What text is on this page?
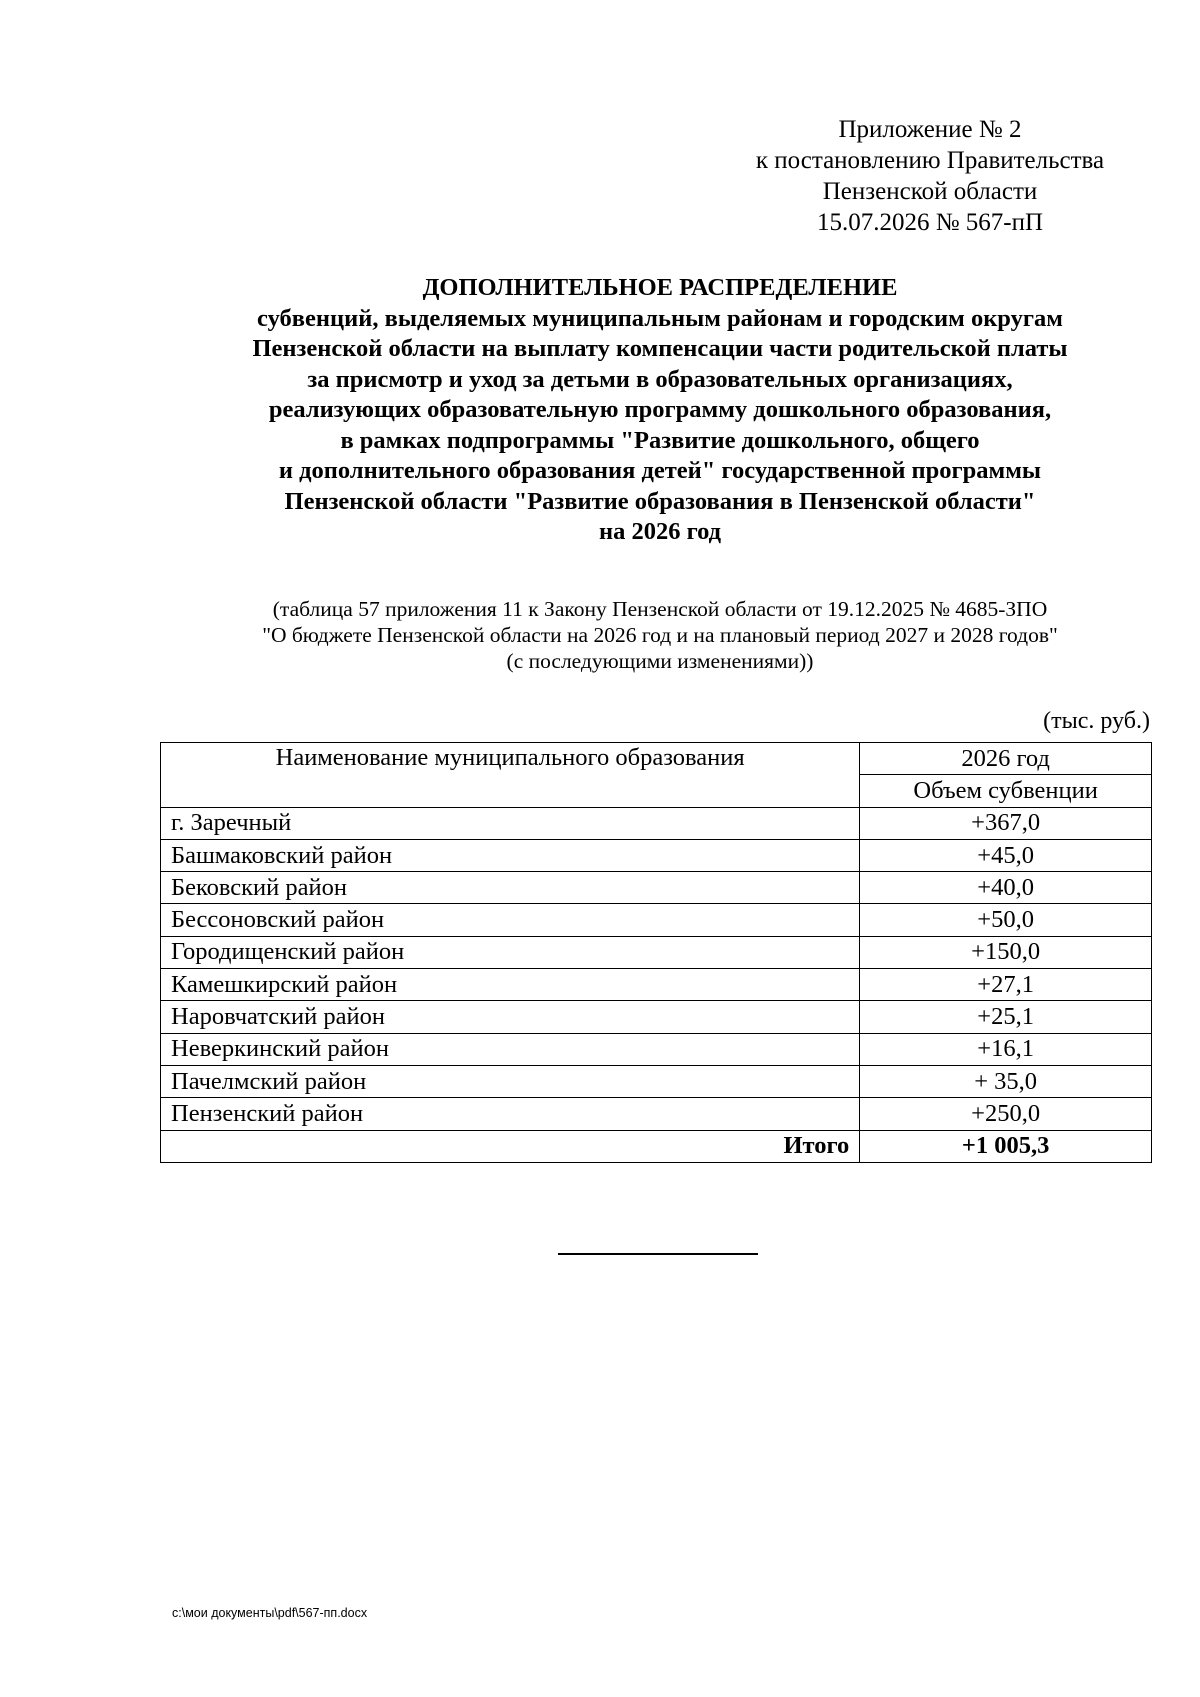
Приложение № 2
к постановлению Правительства
Пензенской области
15.07.2026 № 567-пП
ДОПОЛНИТЕЛЬНОЕ РАСПРЕДЕЛЕНИЕ
субвенций, выделяемых муниципальным районам и городским округам
Пензенской области на выплату компенсации части родительской платы
за присмотр и уход за детьми в образовательных организациях,
реализующих образовательную программу дошкольного образования,
в рамках подпрограммы "Развитие дошкольного, общего
и дополнительного образования детей" государственной программы
Пензенской области "Развитие образования в Пензенской области"
на 2026 год
(таблица 57 приложения 11 к Закону Пензенской области от 19.12.2025 № 4685-ЗПО
"О бюджете Пензенской области на 2026 год и на плановый период 2027 и 2028 годов"
(с последующими изменениями))
(тыс. руб.)
Наименование муниципального образования	2026 год
	Объем субвенции
г. Заречный	+367,0
Башмаковский район	+45,0
Бековский район	+40,0
Бессоновский район	+50,0
Городищенский район	+150,0
Камешкирский район	+27,1
Наровчатский район	+25,1
Неверкинский район	+16,1
Пачелмский район	+ 35,0
Пензенский район	+250,0
Итого	+1 005,3
c:\мои документы\pdf\567-пп.docx
